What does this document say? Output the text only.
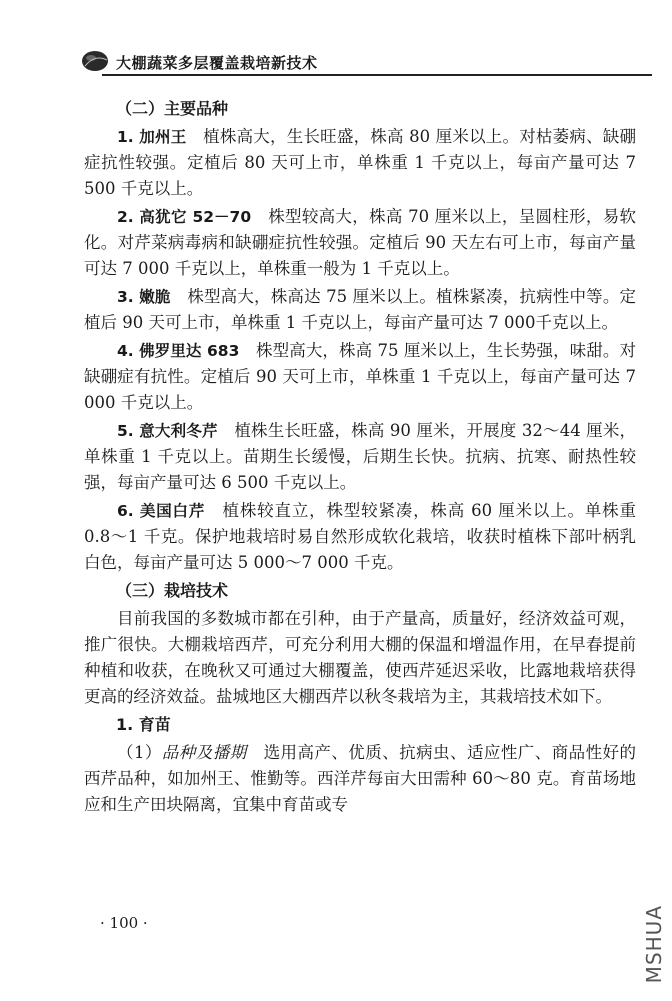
大棚蔬菜多层覆盖栽培新技术
（二）主要品种

1. 加州王　 植株高大，生长旺盛，株高 80 厘米以上。对枯萎病、缺硼症抗性较强。定植后 80 天可上市，单株重 1 千克以上，每亩产量可达 7 500 千克以上。

2. 高犹它 52－70　 株型较高大，株高 70 厘米以上，呈圆柱形，易软化。对芹菜病毒病和缺硼症抗性较强。定植后 90 天左右可上市，每亩产量可达 7 000 千克以上，单株重一般为 1 千克以上。

3. 嫩脆　 株型高大，株高达 75 厘米以上。植株紧凑，抗病性中等。定植后 90 天可上市，单株重 1 千克以上，每亩产量可达 7 000千克以上。

4. 佛罗里达 683　 株型高大，株高 75 厘米以上，生长势强，味甜。对缺硼症有抗性。定植后 90 天可上市，单株重 1 千克以上，每亩产量可达 7 000 千克以上。

5. 意大利冬芹　 植株生长旺盛，株高 90 厘米，开展度 32～44 厘米，单株重 1 千克以上。苗期生长缓慢，后期生长快。抗病、抗寒、耐热性较强，每亩产量可达 6 500 千克以上。

6. 美国白芹　 植株较直立，株型较紧凑，株高 60 厘米以上。单株重 0.8～1 千克。保护地栽培时易自然形成软化栽培，收获时植株下部叶柄乳白色，每亩产量可达 5 000～7 000 千克。

（三）栽培技术

目前我国的多数城市都在引种，由于产量高，质量好，经济效益可观，推广很快。大棚栽培西芹，可充分利用大棚的保温和增温作用，在早春提前种植和收获，在晚秋又可通过大棚覆盖，使西芹延迟采收，比露地栽培获得更高的经济效益。盐城地区大棚西芹以秋冬栽培为主，其栽培技术如下。

1. 育苗

（1）品种及播期　 选用高产、优质、抗病虫、适应性广、商品性好的西芹品种，如加州王、惟勤等。西洋芹每亩大田需种 60～80 克。育苗场地应和生产田块隔离，宜集中育苗或专

· 100 ·	MSHUA
